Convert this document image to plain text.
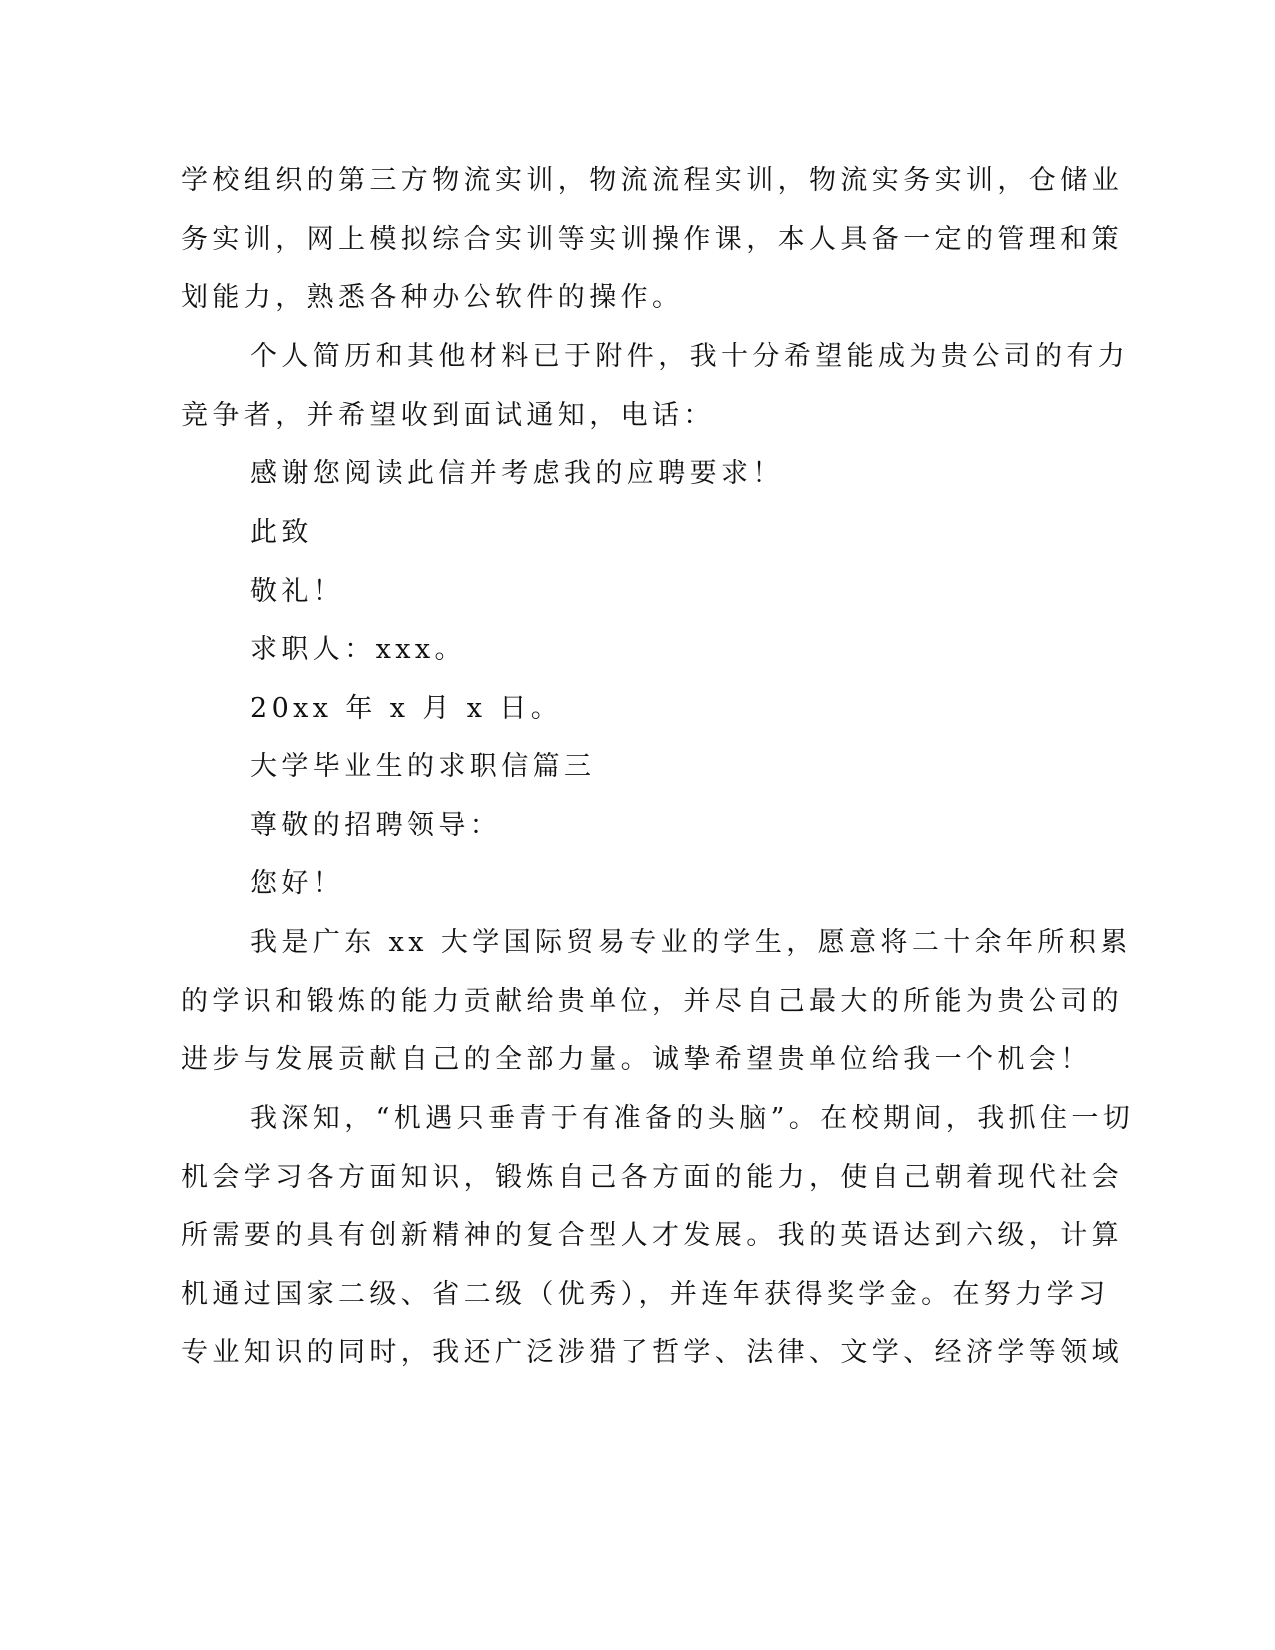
学校组织的第三方物流实训，物流流程实训，物流实务实训，仓储业
务实训，网上模拟综合实训等实训操作课，本人具备一定的管理和策
划能力，熟悉各种办公软件的操作。
个人简历和其他材料已于附件，我十分希望能成为贵公司的有力
竞争者，并希望收到面试通知，电话：
感谢您阅读此信并考虑我的应聘要求！
此致
敬礼！
求职人：xxx。
20xx 年 x 月 x 日。
大学毕业生的求职信篇三
尊敬的招聘领导：
您好！
我是广东 xx 大学国际贸易专业的学生，愿意将二十余年所积累
的学识和锻炼的能力贡献给贵单位，并尽自己最大的所能为贵公司的
进步与发展贡献自己的全部力量。诚挚希望贵单位给我一个机会！
我深知，“机遇只垂青于有准备的头脑”。在校期间，我抓住一切
机会学习各方面知识，锻炼自己各方面的能力，使自己朝着现代社会
所需要的具有创新精神的复合型人才发展。我的英语达到六级，计算
机通过国家二级、省二级（优秀），并连年获得奖学金。在努力学习
专业知识的同时，我还广泛涉猎了哲学、法律、文学、经济学等领域
